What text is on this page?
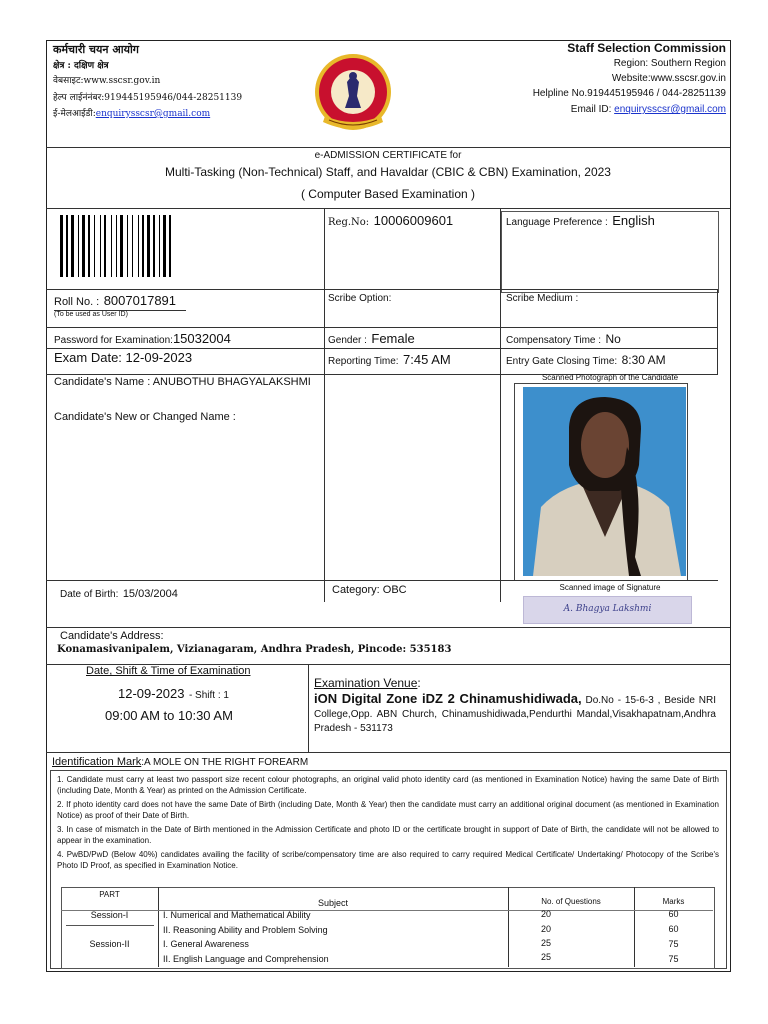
कर्मचारी चयन आयोग
क्षेत्र : दक्षिण क्षेत्र
वेबसाइट:www.sscsr.gov.in
हेल्प लाईनंनंबर:919445195946/044-28251139
ई-मेलआईडी:enquirysscsr@gmail.com
Staff Selection Commission
Region: Southern Region
Website:www.sscsr.gov.in
Helpline No.919445195946 / 044-28251139
Email ID: enquirysscsr@gmail.com
e-ADMISSION CERTIFICATE for
Multi-Tasking (Non-Technical) Staff, and Havaldar (CBIC & CBN) Examination, 2023
( Computer Based Examination )
Reg.No: 10006009601	Language Preference : English
Roll No. : 8007017891
(To be used as User ID)
Scribe Option:	Scribe Medium :
Password for Examination:15032004	Gender : Female	Compensatory Time : No
Exam Date: 12-09-2023	Reporting Time: 7:45 AM	Entry Gate Closing Time: 8:30 AM
Candidate's Name : ANUBOTHU BHAGYALAKSHMI
Candidate's New or Changed Name :
Scanned Photograph of the Candidate
Date of Birth: 15/03/2004	Category: OBC	Scanned image of Signature
A. Bhagya Lakshmi
Candidate's Address:
Konamasivanipalem, Vizianagaram, Andhra Pradesh, Pincode: 535183
Date, Shift & Time of Examination
12-09-2023 - Shift : 1
09:00 AM to 10:30 AM
Examination Venue:
iON Digital Zone iDZ 2 Chinamushidiwada, Do.No - 15-6-3 , Beside NRI College,Opp. ABN Church, Chinamushidiwada,Pendurthi Mandal,Visakhapatnam,Andhra Pradesh - 531173
Identification Mark:A MOLE ON THE RIGHT FOREARM
1. Candidate must carry at least two passport size recent colour photographs, an original valid photo identity card (as mentioned in Examination Notice) having the same Date of Birth (including Date, Month & Year) as printed on the Admission Certificate.
2. If photo identity card does not have the same Date of Birth (including Date, Month & Year) then the candidate must carry an additional original document (as mentioned in Examination Notice) as proof of their Date of Birth.
3. In case of mismatch in the Date of Birth mentioned in the Admission Certificate and photo ID or the certificate brought in support of Date of Birth, the candidate will not be allowed to appear in the examination.
4. PwBD/PwD (Below 40%) candidates availing the facility of scribe/compensatory time are also required to carry required Medical Certificate/ Undertaking/ Photocopy of the Scribe's Photo ID Proof, as specified in Examination Notice.
PART
Subject	No. of Questions	Marks
Session-I	I. Numerical and Mathematical Ability	20	60
II. Reasoning Ability and Problem Solving	20	60
Session-II	I. General Awareness	25	75
II. English Language and Comprehension	25	75
